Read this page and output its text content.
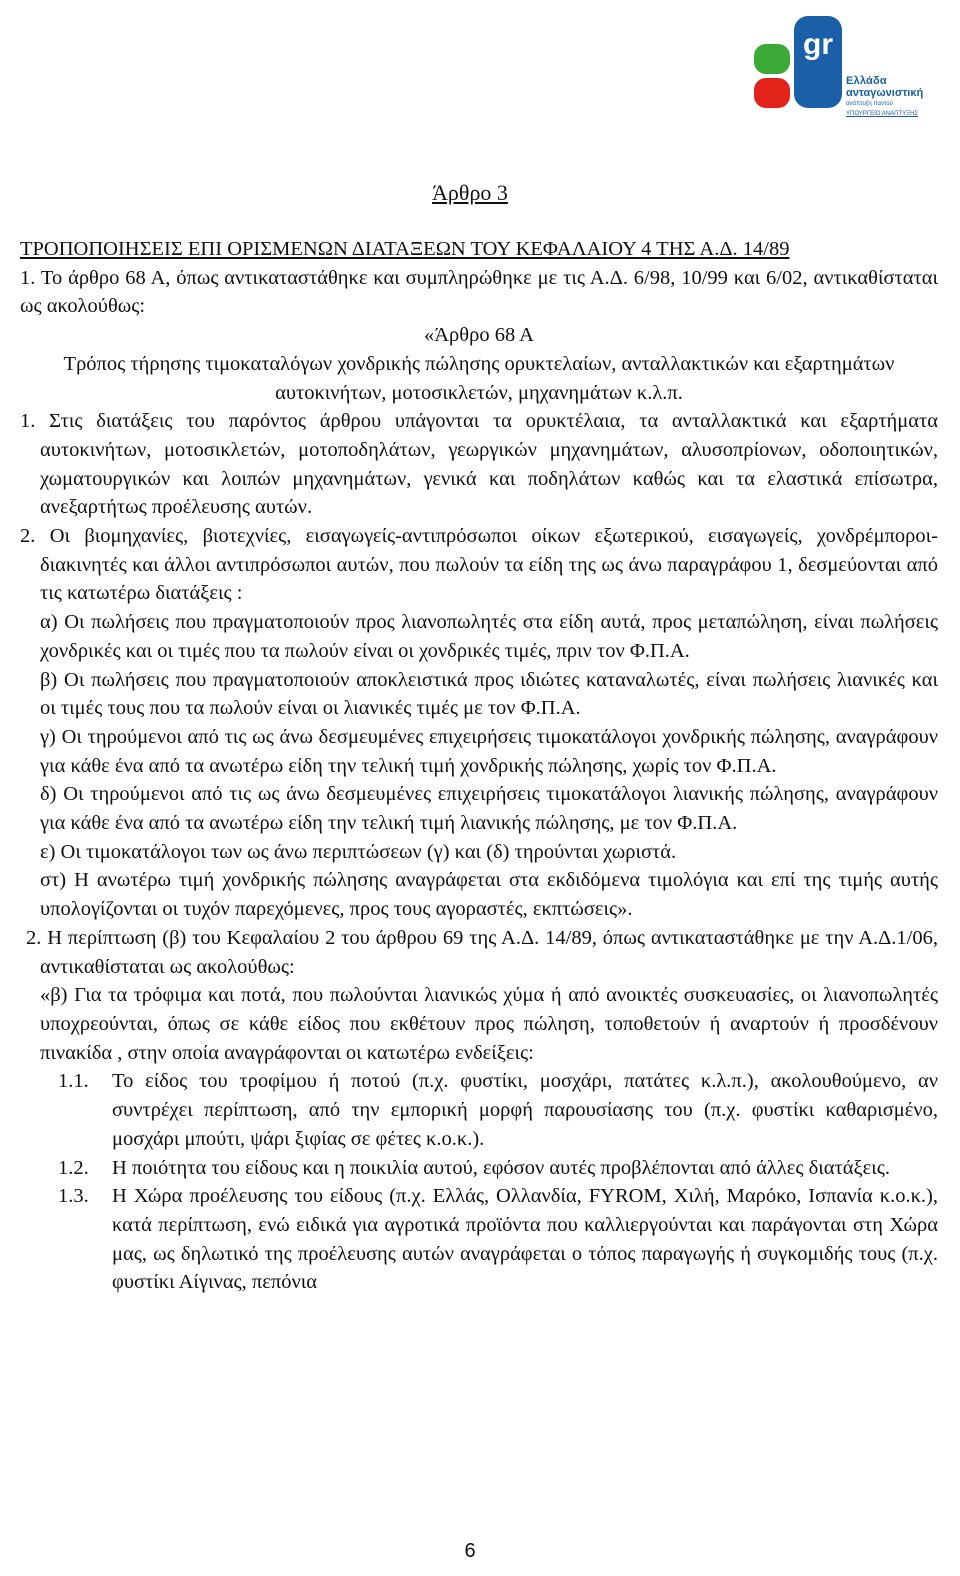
gr
Ελλάδα
ανταγωνιστική
ανάπτυξη παντού
ΥΠΟΥΡΓΕΙΟ ΑΝΑΠΤΥΞΗΣ
Άρθρο 3

ΤΡΟΠΟΠΟΙΗΣΕΙΣ ΕΠΙ ΟΡΙΣΜΕΝΩΝ ΔΙΑΤΑΞΕΩΝ ΤΟΥ ΚΕΦΑΛΑΙΟΥ 4 ΤΗΣ Α.Δ. 14/89

1. Το άρθρο 68 Α, όπως αντικαταστάθηκε και συμπληρώθηκε με τις Α.Δ. 6/98, 10/99 και 6/02, αντικαθίσταται ως ακολούθως:

«Άρθρο 68 Α

Τρόπος τήρησης τιμοκαταλόγων χονδρικής πώλησης ορυκτελαίων, ανταλλακτικών και εξαρτημάτων αυτοκινήτων, μοτοσικλετών, μηχανημάτων κ.λ.π.

1. Στις διατάξεις του παρόντος άρθρου υπάγονται τα ορυκτέλαια, τα ανταλλακτικά και εξαρτήματα αυτοκινήτων, μοτοσικλετών, μοτοποδηλάτων, γεωργικών μηχανημάτων, αλυσοπρίονων, οδοποιητικών, χωματουργικών και λοιπών μηχανημάτων, γενικά και ποδηλάτων καθώς και τα ελαστικά επίσωτρα, ανεξαρτήτως προέλευσης αυτών.

2. Οι βιομηχανίες, βιοτεχνίες, εισαγωγείς-αντιπρόσωποι οίκων εξωτερικού, εισαγωγείς, χονδρέμποροι-διακινητές και άλλοι αντιπρόσωποι αυτών, που πωλούν τα είδη της ως άνω παραγράφου 1, δεσμεύονται από τις κατωτέρω διατάξεις :

α) Οι πωλήσεις που πραγματοποιούν προς λιανοπωλητές στα είδη αυτά, προς μεταπώληση, είναι πωλήσεις χονδρικές και οι τιμές που τα πωλούν είναι οι χονδρικές τιμές, πριν τον Φ.Π.Α.

β) Οι πωλήσεις που πραγματοποιούν αποκλειστικά προς ιδιώτες καταναλωτές, είναι πωλήσεις λιανικές και οι τιμές τους που τα πωλούν είναι οι λιανικές τιμές με τον Φ.Π.Α.

γ) Οι τηρούμενοι από τις ως άνω δεσμευμένες επιχειρήσεις τιμοκατάλογοι χονδρικής πώλησης, αναγράφουν για κάθε ένα από τα ανωτέρω είδη την τελική τιμή χονδρικής πώλησης, χωρίς τον Φ.Π.Α.

δ) Οι τηρούμενοι από τις ως άνω δεσμευμένες επιχειρήσεις τιμοκατάλογοι λιανικής πώλησης, αναγράφουν για κάθε ένα από τα ανωτέρω είδη την τελική τιμή λιανικής πώλησης, με τον Φ.Π.Α.

ε) Οι τιμοκατάλογοι των ως άνω περιπτώσεων (γ) και (δ) τηρούνται χωριστά.

στ) Η ανωτέρω τιμή χονδρικής πώλησης αναγράφεται στα εκδιδόμενα τιμολόγια και επί της τιμής αυτής υπολογίζονται οι τυχόν παρεχόμενες, προς τους αγοραστές, εκπτώσεις».

2. Η περίπτωση (β) του Κεφαλαίου 2 του άρθρου 69 της Α.Δ. 14/89, όπως αντικαταστάθηκε με την Α.Δ.1/06, αντικαθίσταται ως ακολούθως:

«β) Για τα τρόφιμα και ποτά, που πωλούνται λιανικώς χύμα ή από ανοικτές συσκευασίες, οι λιανοπωλητές υποχρεούνται, όπως σε κάθε είδος που εκθέτουν προς πώληση, τοποθετούν ή αναρτούν ή προσδένουν πινακίδα , στην οποία αναγράφονται οι κατωτέρω ενδείξεις:

1.1.	Το είδος του τροφίμου ή ποτού (π.χ. φυστίκι, μοσχάρι, πατάτες κ.λ.π.), ακολουθούμενο, αν συντρέχει περίπτωση, από την εμπορική μορφή παρουσίασης του (π.χ. φυστίκι καθαρισμένο, μοσχάρι μπούτι, ψάρι ξιφίας σε φέτες κ.ο.κ.).
1.2.	Η ποιότητα του είδους και η ποικιλία αυτού, εφόσον αυτές προβλέπονται από άλλες διατάξεις.
1.3.	Η Χώρα προέλευσης του είδους (π.χ. Ελλάς, Ολλανδία, FYROM, Χιλή, Μαρόκο, Ισπανία κ.ο.κ.), κατά περίπτωση, ενώ ειδικά για αγροτικά προϊόντα που καλλιεργούνται και παράγονται στη Χώρα μας, ως δηλωτικό της προέλευσης αυτών αναγράφεται ο τόπος παραγωγής ή συγκομιδής τους (π.χ. φυστίκι Αίγινας, πεπόνια
6
